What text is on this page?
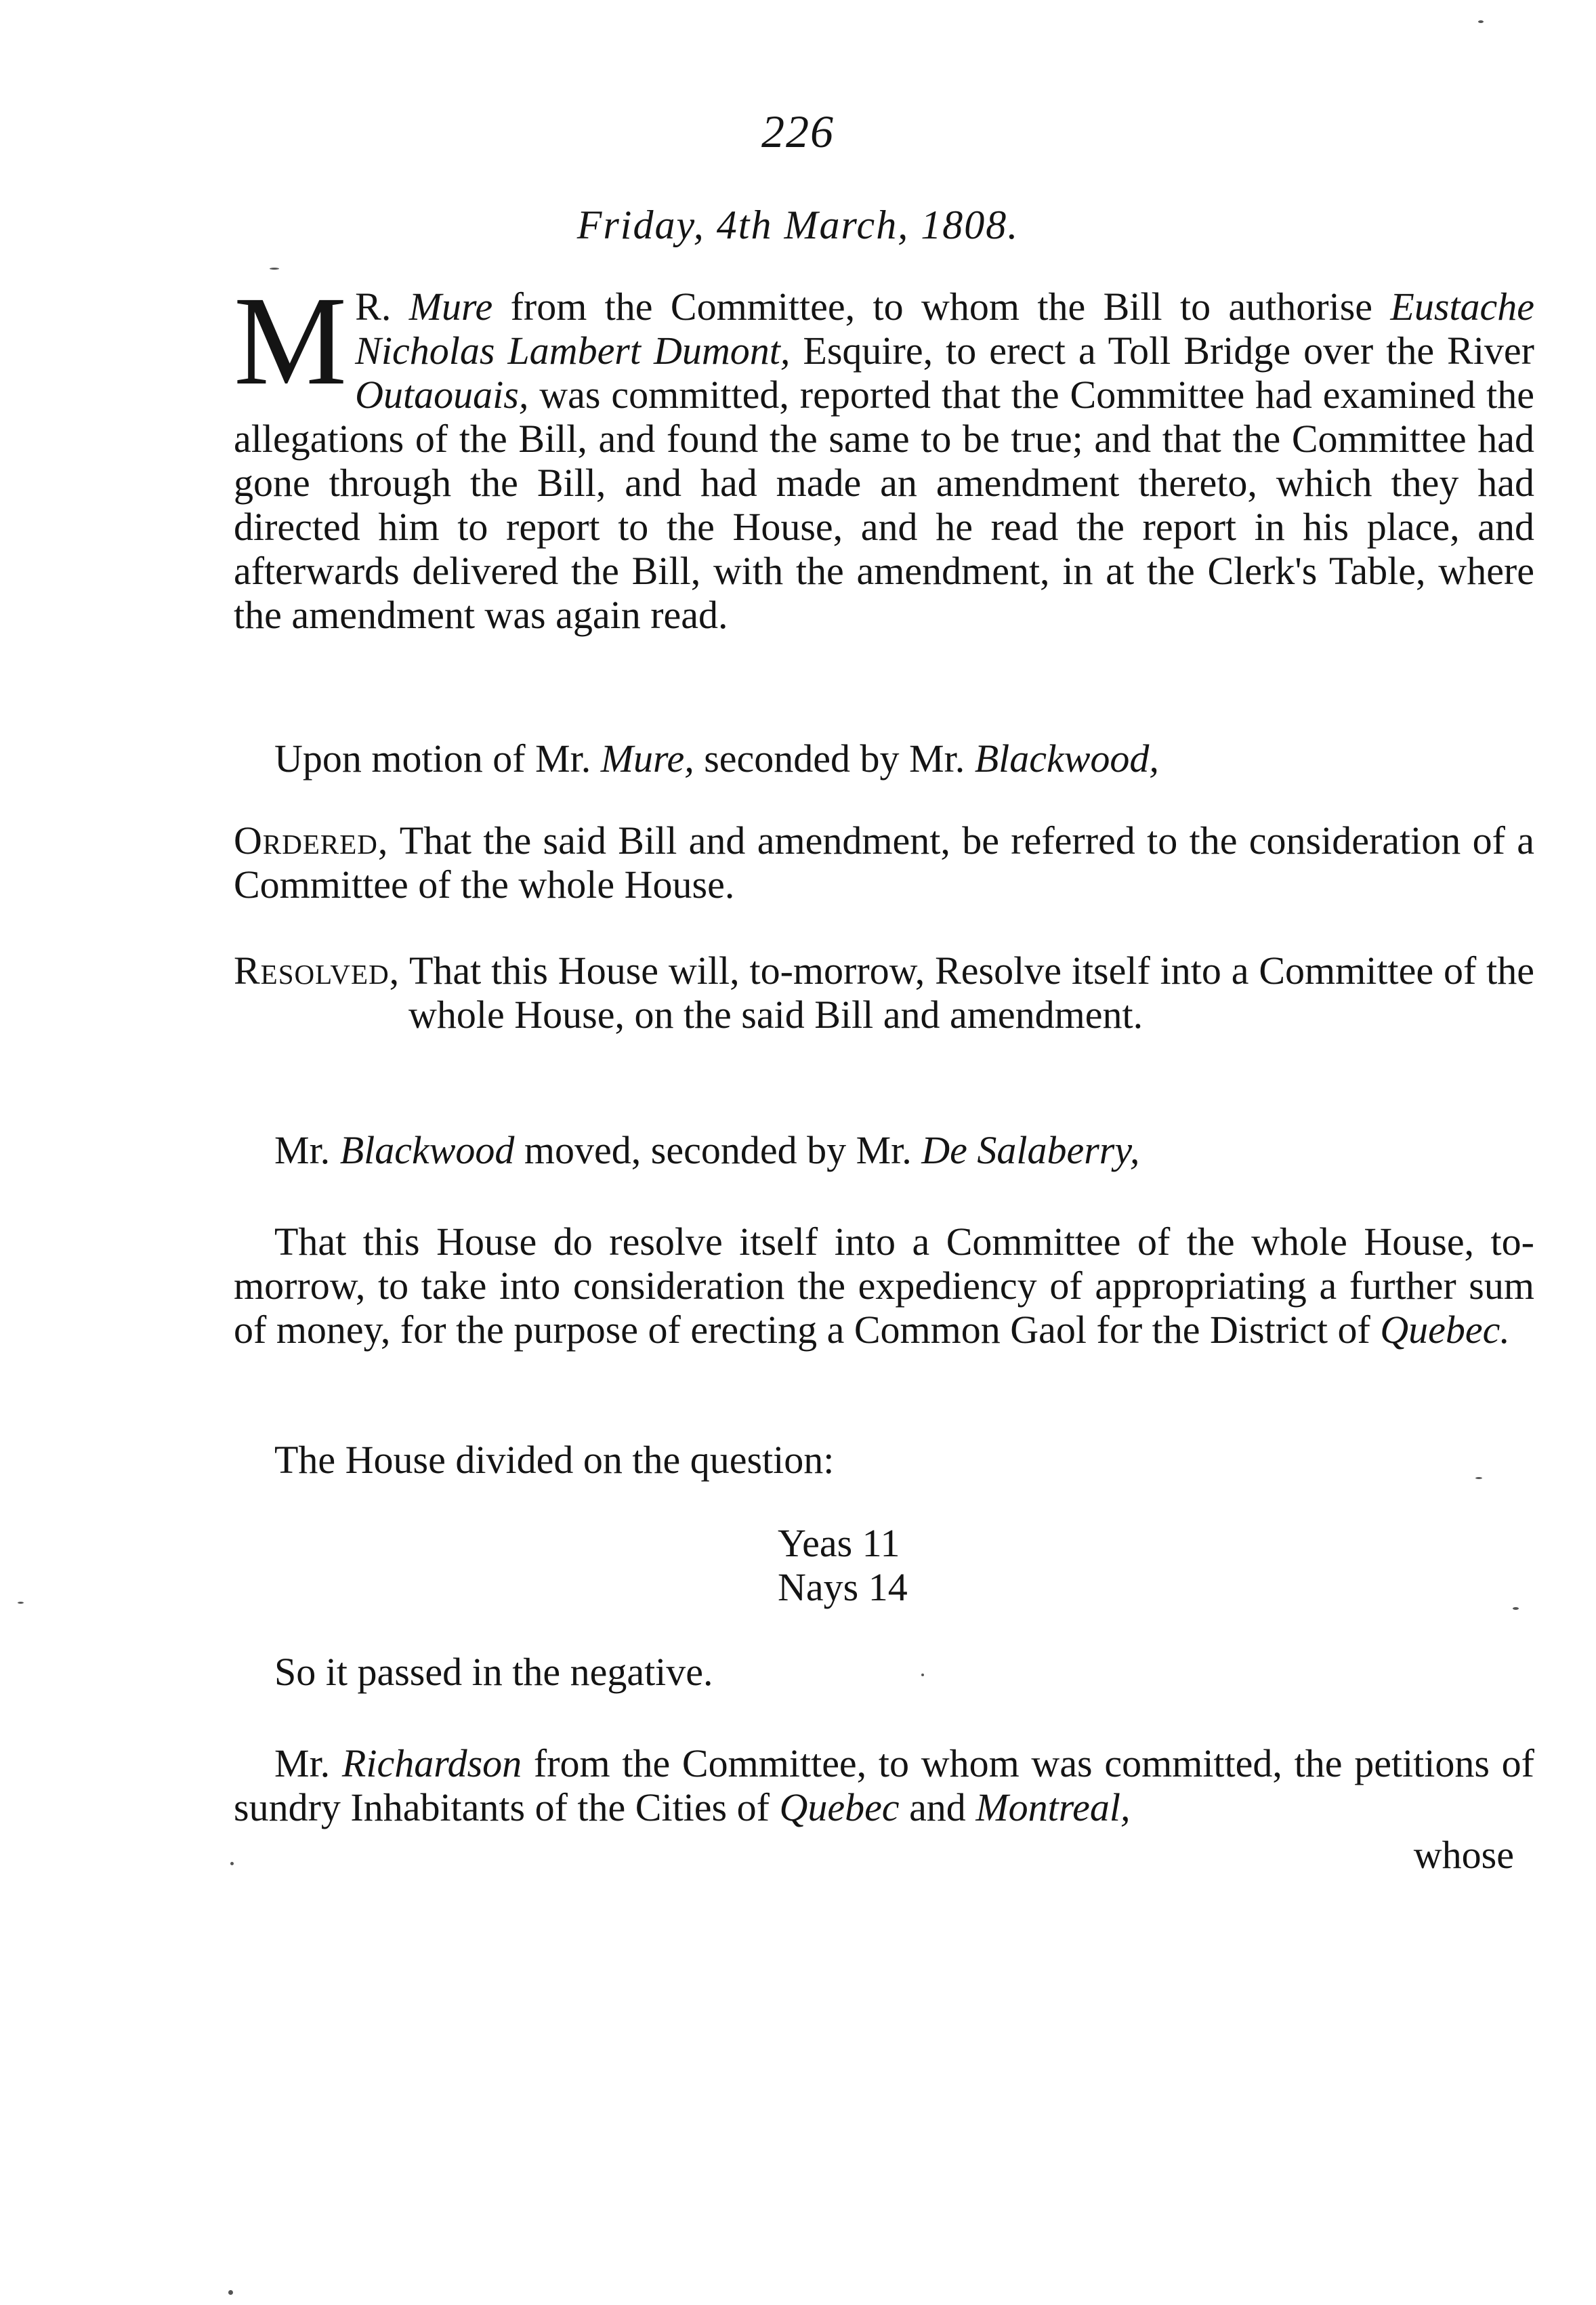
226
Friday, 4th March, 1808.
M R. Mure from the Committee, to whom the Bill to authorise Eustache Nicholas Lambert Dumont, Esquire, to erect a Toll Bridge over the River Outaouais, was committed, reported that the Committee had examined the allegations of the Bill, and found the same to be true; and that the Committee had gone through the Bill, and had made an amendment thereto, which they had directed him to report to the House, and he read the report in his place, and afterwards delivered the Bill, with the amendment, in at the Clerk's Table, where the amendment was again read.
Upon motion of Mr. Mure, seconded by Mr. Blackwood,
Ordered, That the said Bill and amendment, be referred to the consideration of a Committee of the whole House.
Resolved, That this House will, to-morrow, Resolve itself into a Committee of the whole House, on the said Bill and amendment.
Mr. Blackwood moved, seconded by Mr. De Salaberry,
That this House do resolve itself into a Committee of the whole House, to-morrow, to take into consideration the expediency of appropriating a further sum of money, for the purpose of erecting a Common Gaol for the District of Quebec.
The House divided on the question:
Yeas 11
Nays 14
So it passed in the negative.
Mr. Richardson from the Committee, to whom was committed, the petitions of sundry Inhabitants of the Cities of Quebec and Montreal,
whose
